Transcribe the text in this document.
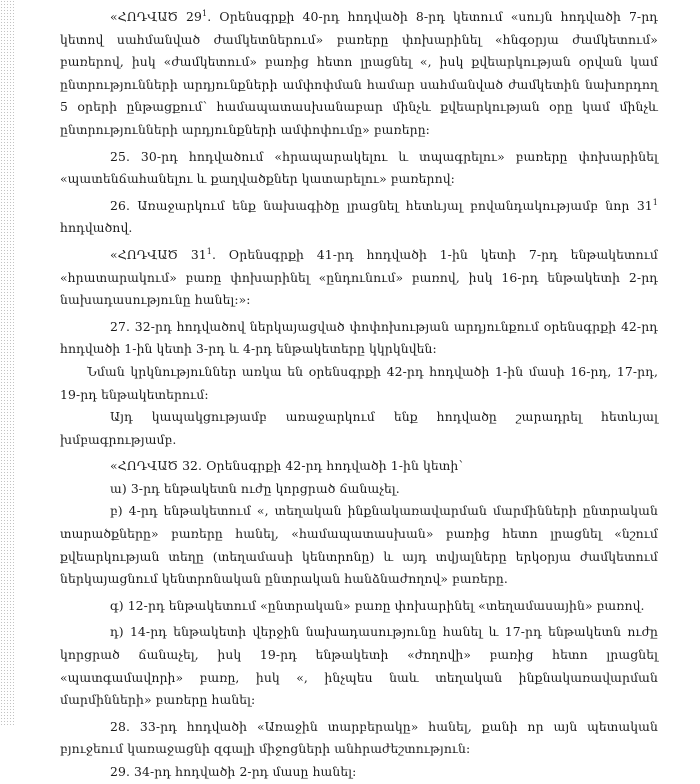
«ՀՈԴՎԱԾ $29^1$. Օրենսգրքի 40-րդ հոդվածի 8-րդ կետում «սույն հոդվածի 7-րդ կետով սահմանված ժամկետներում» բառերը փոխարինել «հնգօրյա ժամկետում» բառերով, իսկ «ժամկետում» բառից հետո լրացնել «, իսկ քվեարկության օրվան կամ ընտրությունների արդյունքների ամփոփման համար սահմանված ժամկետին նախորդող 5 օրերի ընթացքում՝ համապատասխանաբար մինչև քվեարկության օրը կամ մինչև ընտրությունների արդյունքների ամփոփումը» բառերը:

25. 30-րդ հոդվածում «հրապարակելու և տպագրելու» բառերը փոխարինել «պատենճահանելու և քաղվածքներ կատարելու» բառերով:

26. Առաջարկում ենք նախագիծը լրացնել հետևյալ բովանդակությամբ նոր $31^1$ հոդվածով.

«ՀՈԴՎԱԾ $31^1$. Օրենսգրքի 41-րդ հոդվածի 1-ին կետի 7-րդ ենթակետում «հրատարակում» բառը փոխարինել «ընդունում» բառով, իսկ 16-րդ ենթակետի 2-րդ նախադասությունը հանել:»:

27. 32-րդ հոդվածով ներկայացված փոփոխության արդյունքում օրենսգրքի 42-րդ հոդվածի 1-ին կետի 3-րդ և 4-րդ ենթակետերը կկրկնվեն:

Նման կրկնություններ առկա են օրենսգրքի 42-րդ հոդվածի 1-ին մասի 16-րդ, 17-րդ, 19-րդ ենթակետերում:

Այդ կապակցությամբ առաջարկում ենք հոդվածը շարադրել հետևյալ խմբագրությամբ.

«ՀՈԴՎԱԾ 32. Օրենսգրքի 42-րդ հոդվածի 1-ին կետի՝

ա) 3-րդ ենթակետն ուժը կորցրած ճանաչել.

բ) 4-րդ ենթակետում «, տեղական ինքնակառավարման մարմինների ընտրական տարածքները» բառերը հանել, «համապատասխան» բառից հետո լրացնել «նշում քվեարկության տեղը (տեղամասի կենտրոնը) և այդ տվյալները երկօրյա ժամկետում ներկայացնում կենտրոնական ընտրական հանձնաժողով» բառերը.

գ) 12-րդ ենթակետում «ընտրական» բառը փոխարինել «տեղամասային» բառով.

դ) 14-րդ ենթակետի վերջին նախադասությունը հանել և 17-րդ ենթակետն ուժը կորցրած ճանաչել, իսկ 19-րդ ենթակետի «ժողովի» բառից հետո լրացնել «պատգամավորի» բառը, իսկ «, ինչպես նաև տեղական ինքնակառավարման մարմինների» բառերը հանել:

28. 33-րդ հոդվածի «Առաջին տարբերակը» հանել, քանի որ այն պետական բյուջեում կառաջացնի զգալի միջոցների անհրաժեշտություն:

29. 34-րդ հոդվածի 2-րդ մասը հանել:
